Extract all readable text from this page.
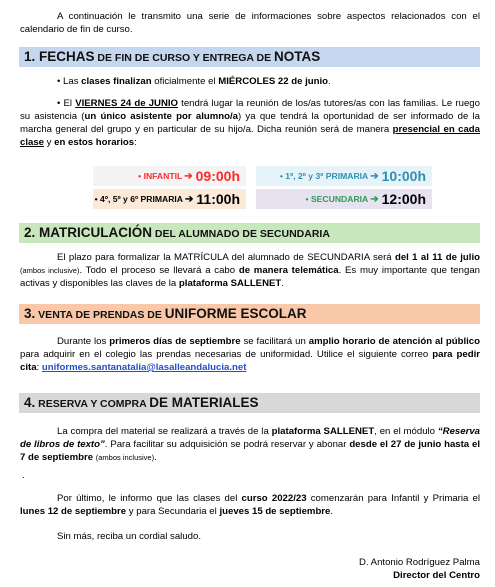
A continuación le transmito una serie de informaciones sobre aspectos relacionados con el calendario de fin de curso.

1. FECHAS DE FIN DE CURSO Y ENTREGA DE NOTAS

• Las clases finalizan oficialmente el MIÉRCOLES 22 de junio.

• El VIERNES 24 de JUNIO tendrá lugar la reunión de los/as tutores/as con las familias. Le ruego su asistencia (un único asistente por alumno/a) ya que tendrá la oportunidad de ser informado de la marcha general del grupo y en particular de su hijo/a. Dicha reunión será de manera presencial en cada clase y en estos horarios:

• INFANTIL ➔ 09:00h	• 1º, 2º y 3º PRIMARIA ➔ 10:00h
• 4º, 5º y 6º PRIMARIA ➔ 11:00h	• SECUNDARIA ➔ 12:00h
2. MATRICULACIÓN DEL ALUMNADO DE SECUNDARIA

El plazo para formalizar la MATRÍCULA del alumnado de SECUNDARIA será del 1 al 11 de julio (ambos inclusive). Todo el proceso se llevará a cabo de manera telemática. Es muy importante que tengan activas y disponibles las claves de la plataforma SALLENET.

3. VENTA DE PRENDAS DE UNIFORME ESCOLAR

Durante los primeros días de septiembre se facilitará un amplio horario de atención al público para adquirir en el colegio las prendas necesarias de uniformidad. Utilice el siguiente correo para pedir cita: uniformes.santanatalia@lasalleandalucia.net

4. RESERVA Y COMPRA DE MATERIALES

La compra del material se realizará a través de la plataforma SALLENET, en el módulo “Reserva de libros de texto”. Para facilitar su adquisición se podrá reservar y abonar desde el 27 de junio hasta el 7 de septiembre (ambos inclusive).

.

Por último, le informo que las clases del curso 2022/23 comenzarán para Infantil y Primaria el lunes 12 de septiembre y para Secundaria el jueves 15 de septiembre.

Sin más, reciba un cordial saludo.

D. Antonio Rodríguez Palma

Director del Centro
